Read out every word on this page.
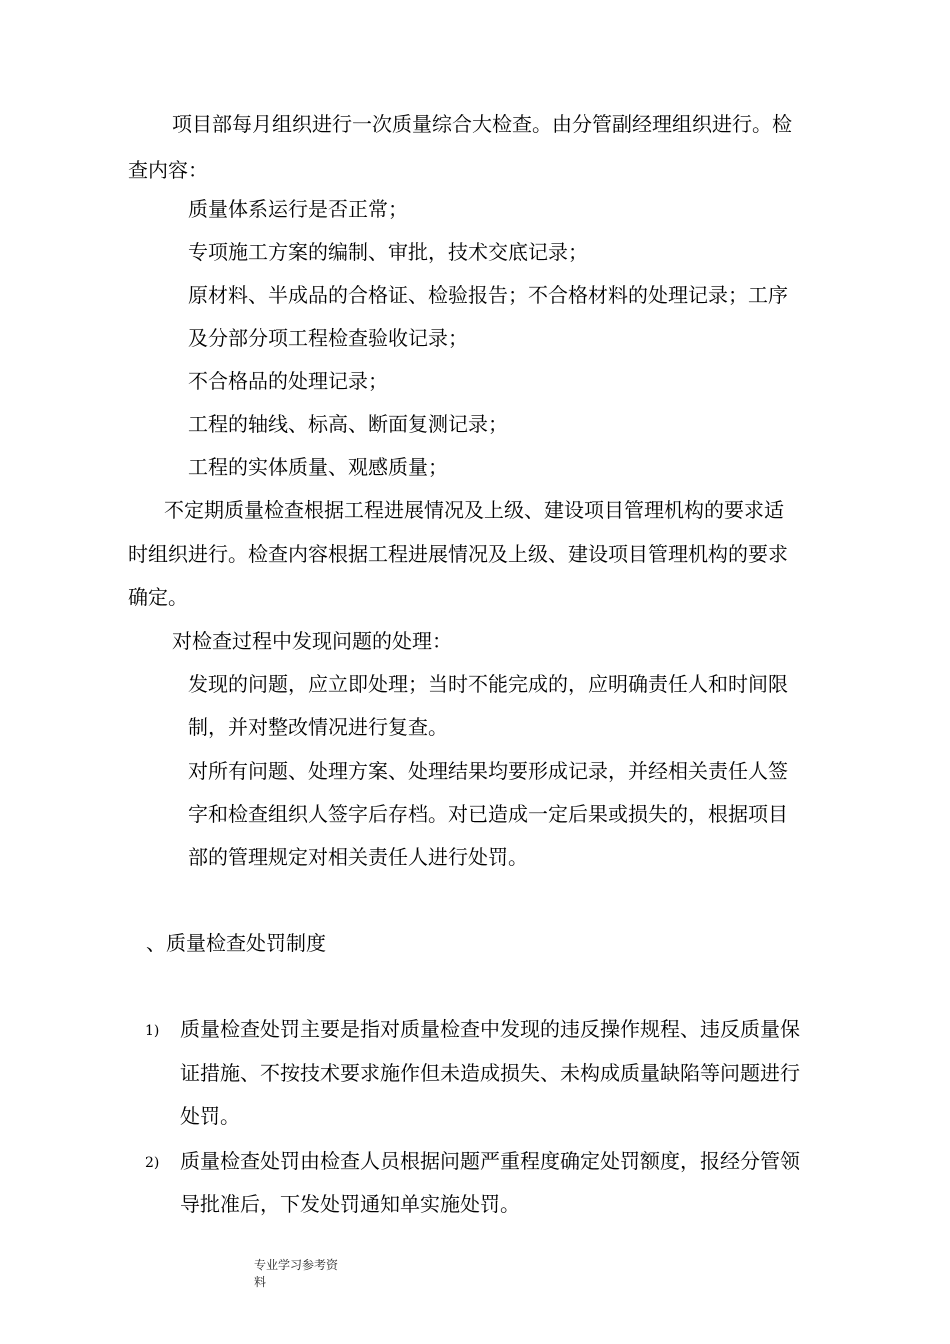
项目部每月组织进行一次质量综合大检查。由分管副经理组织进行。检
查内容：
质量体系运行是否正常；
专项施工方案的编制、审批，技术交底记录；
原材料、半成品的合格证、检验报告；不合格材料的处理记录；工序
及分部分项工程检查验收记录；
不合格品的处理记录；
工程的轴线、标高、断面复测记录；
工程的实体质量、观感质量；
不定期质量检查根据工程进展情况及上级、建设项目管理机构的要求适
时组织进行。检查内容根据工程进展情况及上级、建设项目管理机构的要求
确定。
对检查过程中发现问题的处理：
发现的问题，应立即处理；当时不能完成的，应明确责任人和时间限
制，并对整改情况进行复查。
对所有问题、处理方案、处理结果均要形成记录，并经相关责任人签
字和检查组织人签字后存档。对已造成一定后果或损失的，根据项目
部的管理规定对相关责任人进行处罚。
、质量检查处罚制度
1) 质量检查处罚主要是指对质量检查中发现的违反操作规程、违反质量保
证措施、不按技术要求施作但未造成损失、未构成质量缺陷等问题进行
处罚。
2) 质量检查处罚由检查人员根据问题严重程度确定处罚额度，报经分管领
导批准后，下发处罚通知单实施处罚。
专业学习参考资
料
